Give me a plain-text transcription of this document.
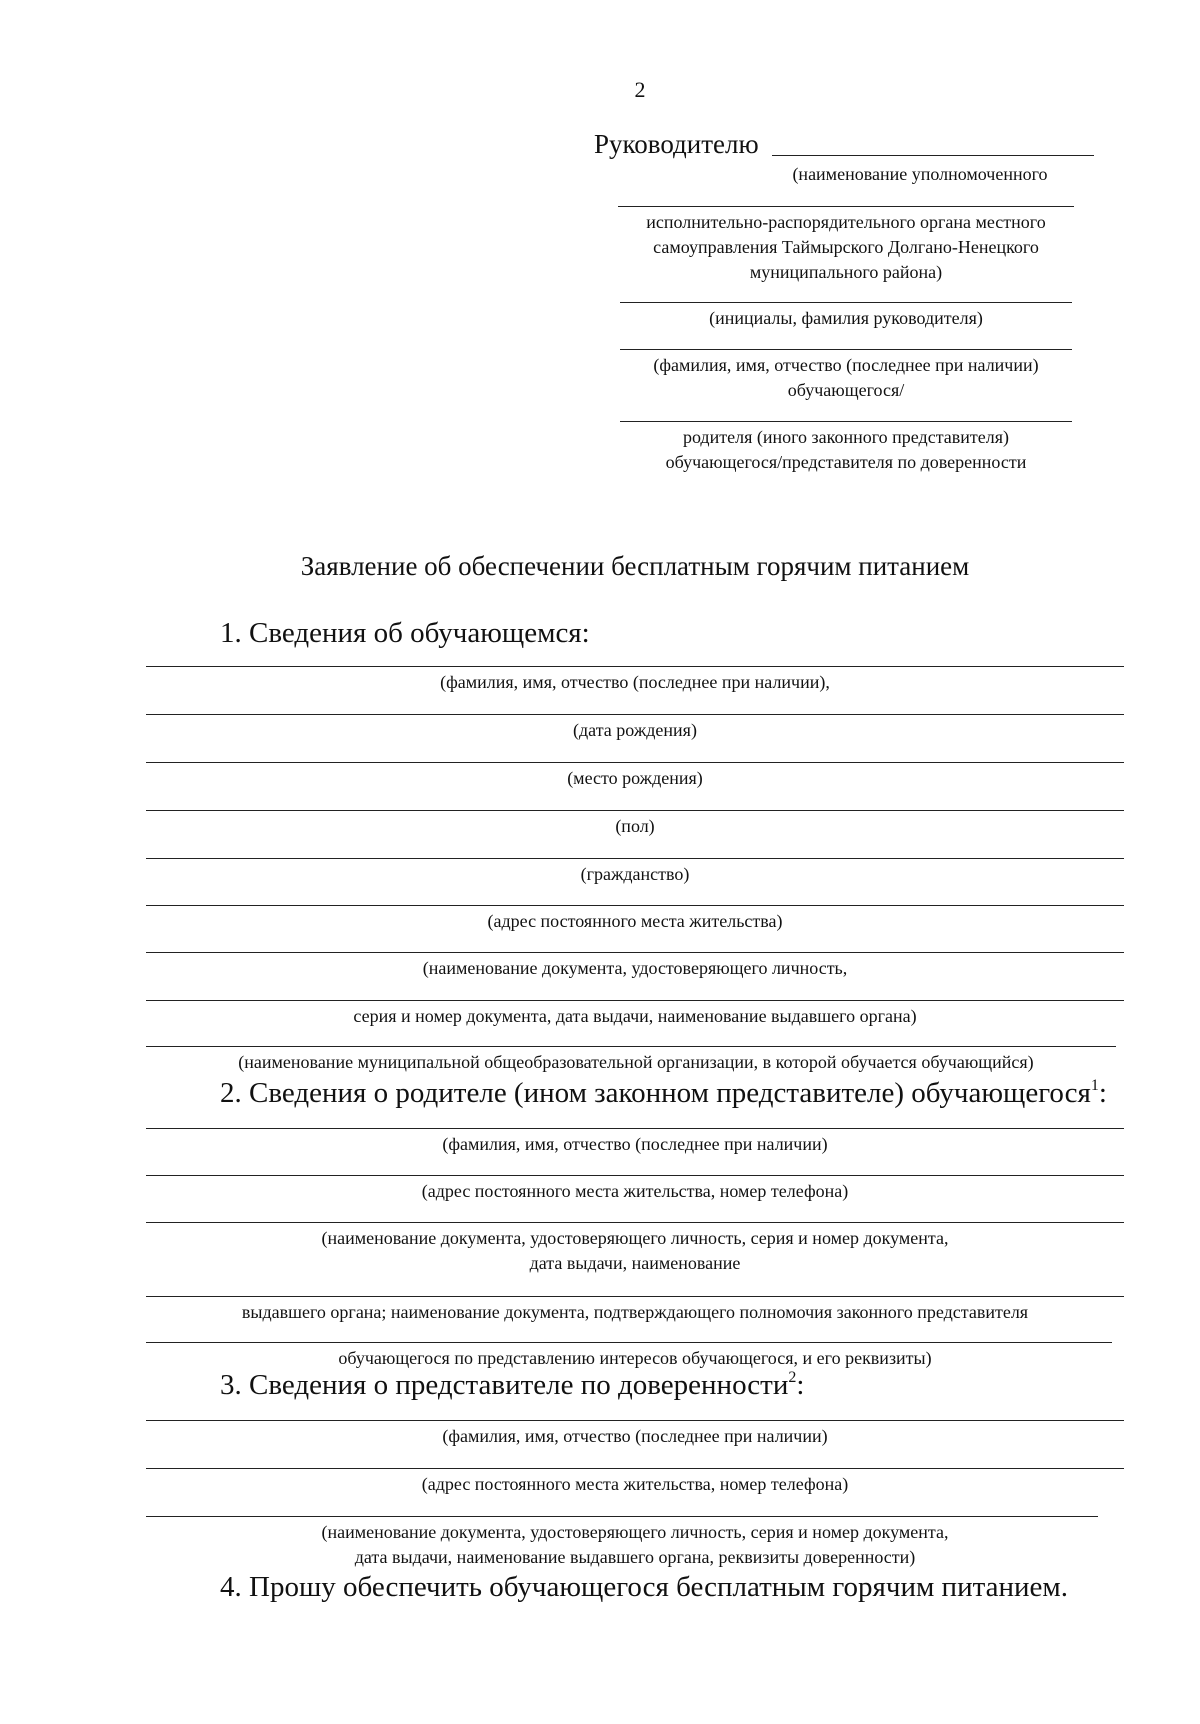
2
Руководителю
(наименование уполномоченного
исполнительно-распорядительного органа местного
самоуправления Таймырского Долгано-Ненецкого
муниципального района)
(инициалы, фамилия руководителя)
(фамилия, имя, отчество (последнее при наличии)
обучающегося/
родителя (иного законного представителя)
обучающегося/представителя по доверенности
Заявление об обеспечении бесплатным горячим питанием
1. Сведения об обучающемся:
(фамилия, имя, отчество (последнее при наличии),
(дата рождения)
(место рождения)
(пол)
(гражданство)
(адрес постоянного места жительства)
(наименование документа, удостоверяющего личность,
серия и номер документа, дата выдачи, наименование выдавшего органа)
(наименование муниципальной общеобразовательной организации, в которой обучается обучающийся)
2. Сведения о родителе (ином законном представителе) обучающегося$^1$:
(фамилия, имя, отчество (последнее при наличии)
(адрес постоянного места жительства, номер телефона)
(наименование документа, удостоверяющего личность, серия и номер документа,
дата выдачи, наименование
выдавшего органа; наименование документа, подтверждающего полномочия законного представителя
обучающегося по представлению интересов обучающегося, и его реквизиты)
3. Сведения о представителе по доверенности$^2$:
(фамилия, имя, отчество (последнее при наличии)
(адрес постоянного места жительства, номер телефона)
(наименование документа, удостоверяющего личность, серия и номер документа,
дата выдачи, наименование выдавшего органа, реквизиты доверенности)
4. Прошу обеспечить обучающегося бесплатным горячим питанием.
